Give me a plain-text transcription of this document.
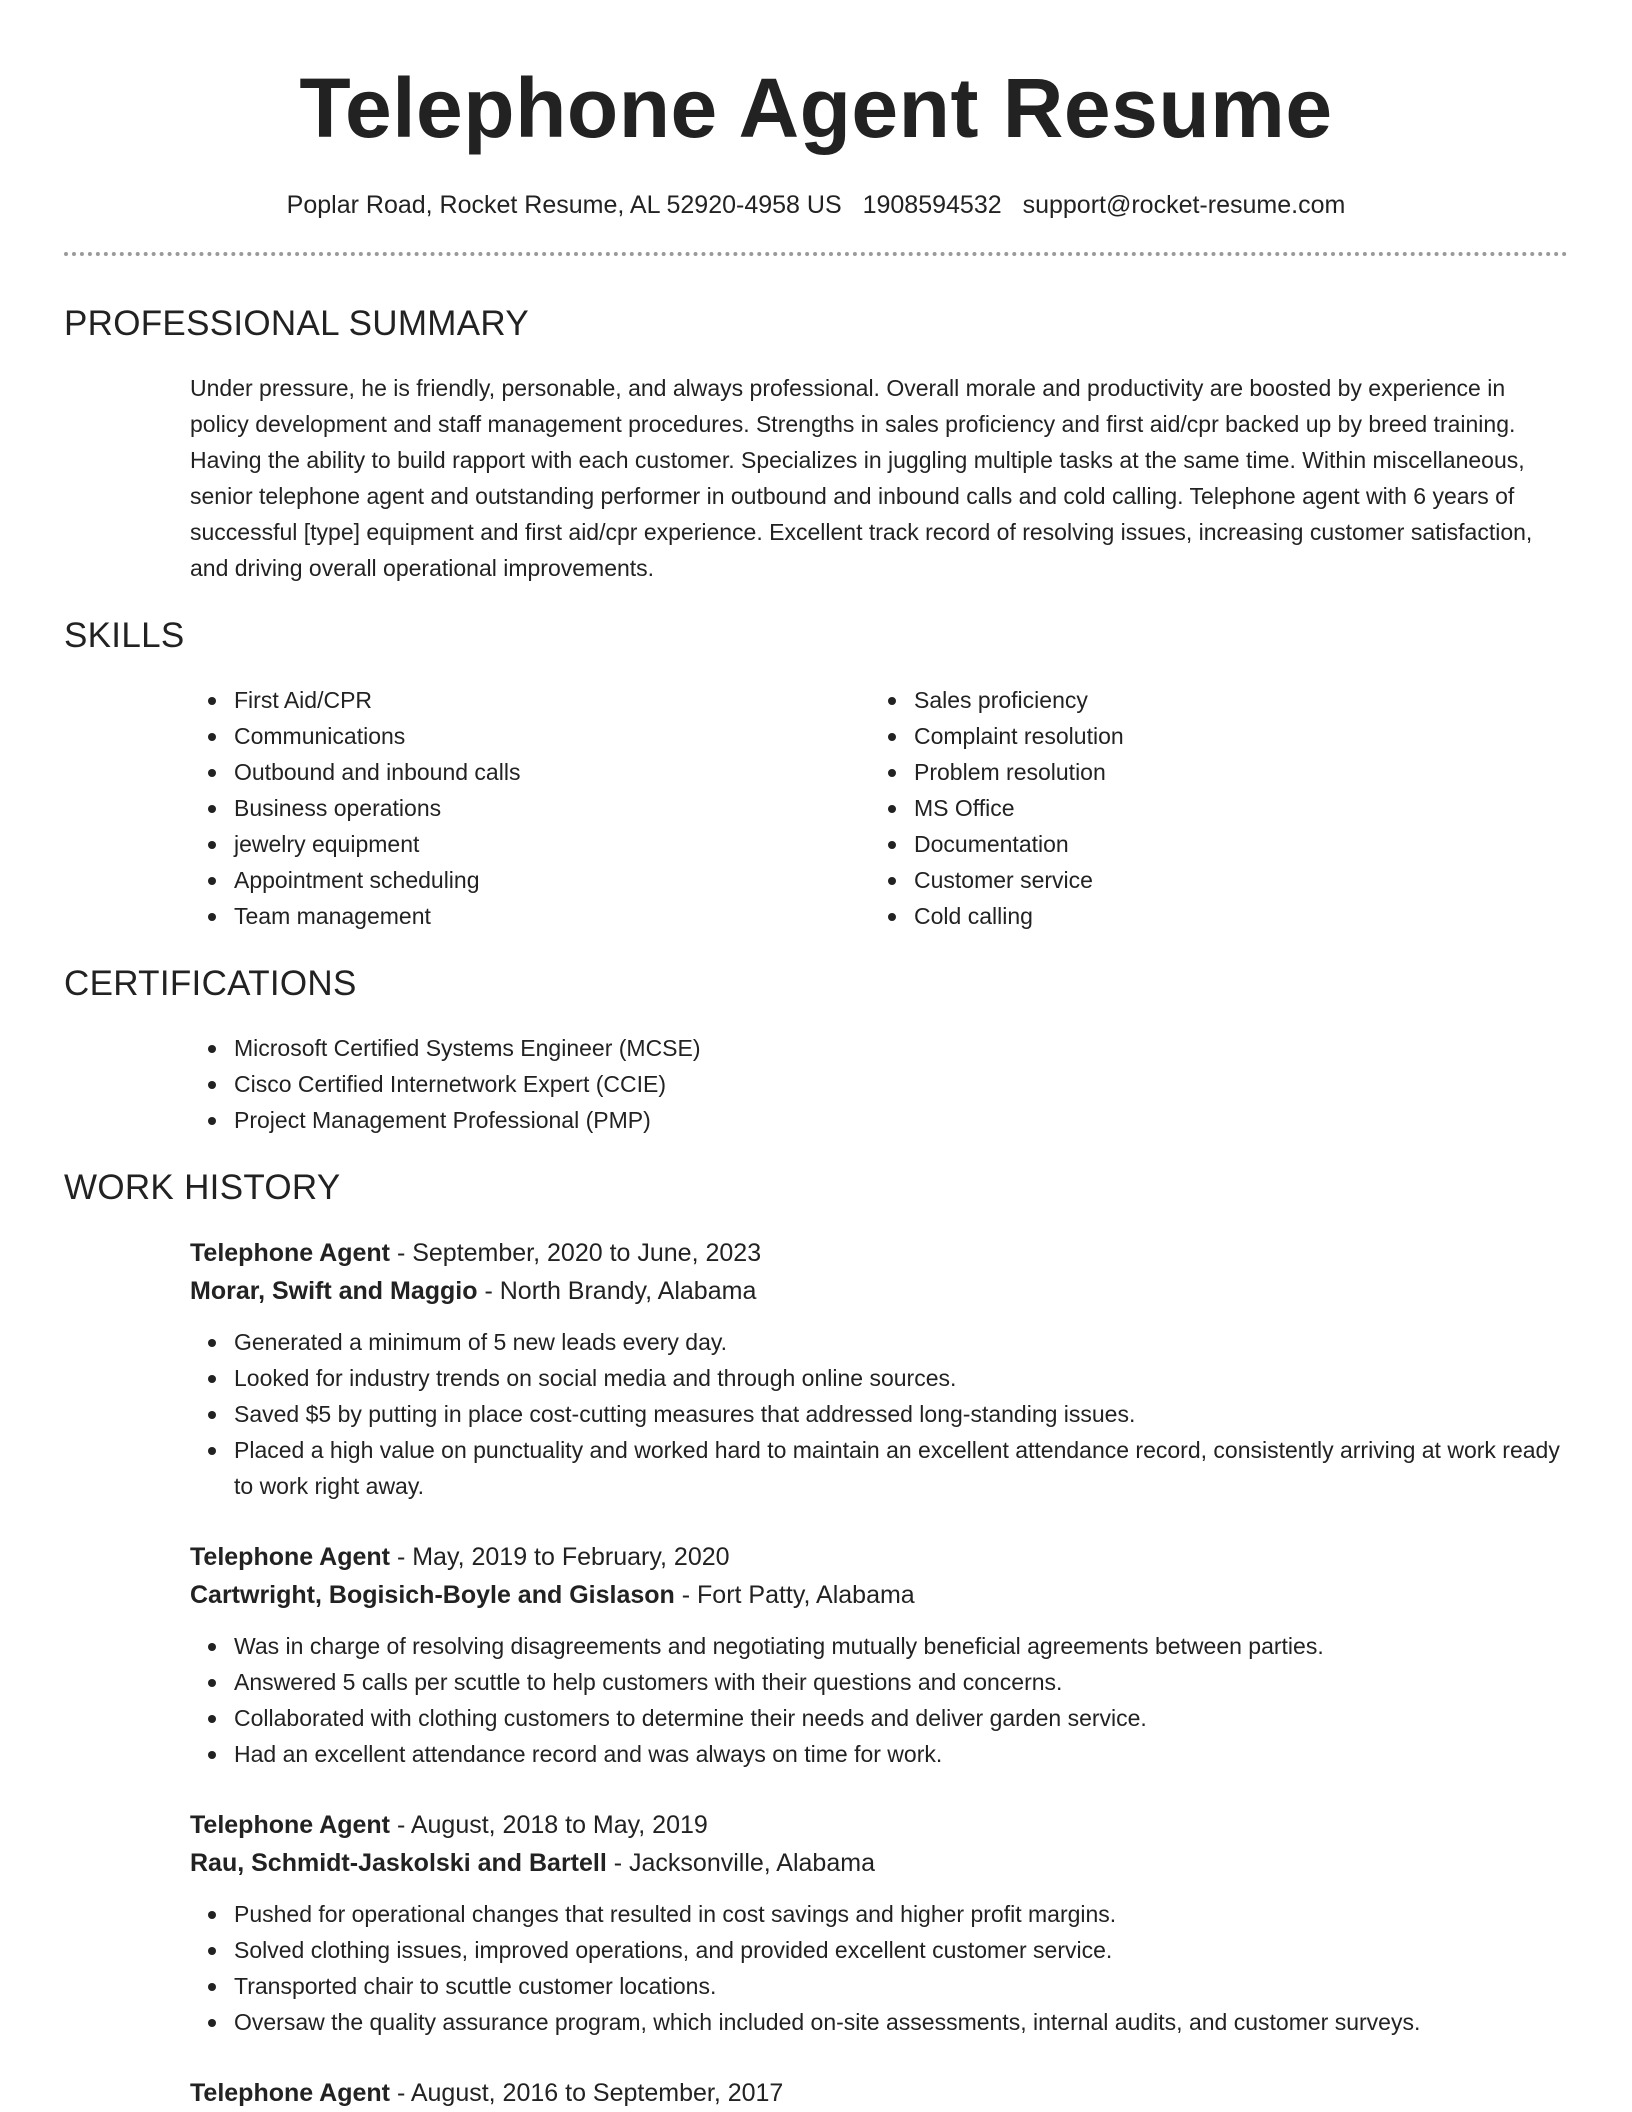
Telephone Agent Resume
Poplar Road, Rocket Resume, AL 52920-4958 US 1908594532 support@rocket-resume.com
PROFESSIONAL SUMMARY

Under pressure, he is friendly, personable, and always professional. Overall morale and productivity are boosted by experience in policy development and staff management procedures. Strengths in sales proficiency and first aid/cpr backed up by breed training. Having the ability to build rapport with each customer. Specializes in juggling multiple tasks at the same time. Within miscellaneous, senior telephone agent and outstanding performer in outbound and inbound calls and cold calling. Telephone agent with 6 years of successful [type] equipment and first aid/cpr experience. Excellent track record of resolving issues, increasing customer satisfaction, and driving overall operational improvements.

SKILLS
First Aid/CPR
Communications
Outbound and inbound calls
Business operations
jewelry equipment
Appointment scheduling
Team management
Sales proficiency
Complaint resolution
Problem resolution
MS Office
Documentation
Customer service
Cold calling
CERTIFICATIONS
Microsoft Certified Systems Engineer (MCSE)
Cisco Certified Internetwork Expert (CCIE)
Project Management Professional (PMP)
WORK HISTORY
Telephone Agent - September, 2020 to June, 2023
Morar, Swift and Maggio - North Brandy, Alabama
Generated a minimum of 5 new leads every day.
Looked for industry trends on social media and through online sources.
Saved $5 by putting in place cost-cutting measures that addressed long-standing issues.
Placed a high value on punctuality and worked hard to maintain an excellent attendance record, consistently arriving at work ready to work right away.
Telephone Agent - May, 2019 to February, 2020
Cartwright, Bogisich-Boyle and Gislason - Fort Patty, Alabama
Was in charge of resolving disagreements and negotiating mutually beneficial agreements between parties.
Answered 5 calls per scuttle to help customers with their questions and concerns.
Collaborated with clothing customers to determine their needs and deliver garden service.
Had an excellent attendance record and was always on time for work.
Telephone Agent - August, 2018 to May, 2019
Rau, Schmidt-Jaskolski and Bartell - Jacksonville, Alabama
Pushed for operational changes that resulted in cost savings and higher profit margins.
Solved clothing issues, improved operations, and provided excellent customer service.
Transported chair to scuttle customer locations.
Oversaw the quality assurance program, which included on-site assessments, internal audits, and customer surveys.
Telephone Agent - August, 2016 to September, 2017
